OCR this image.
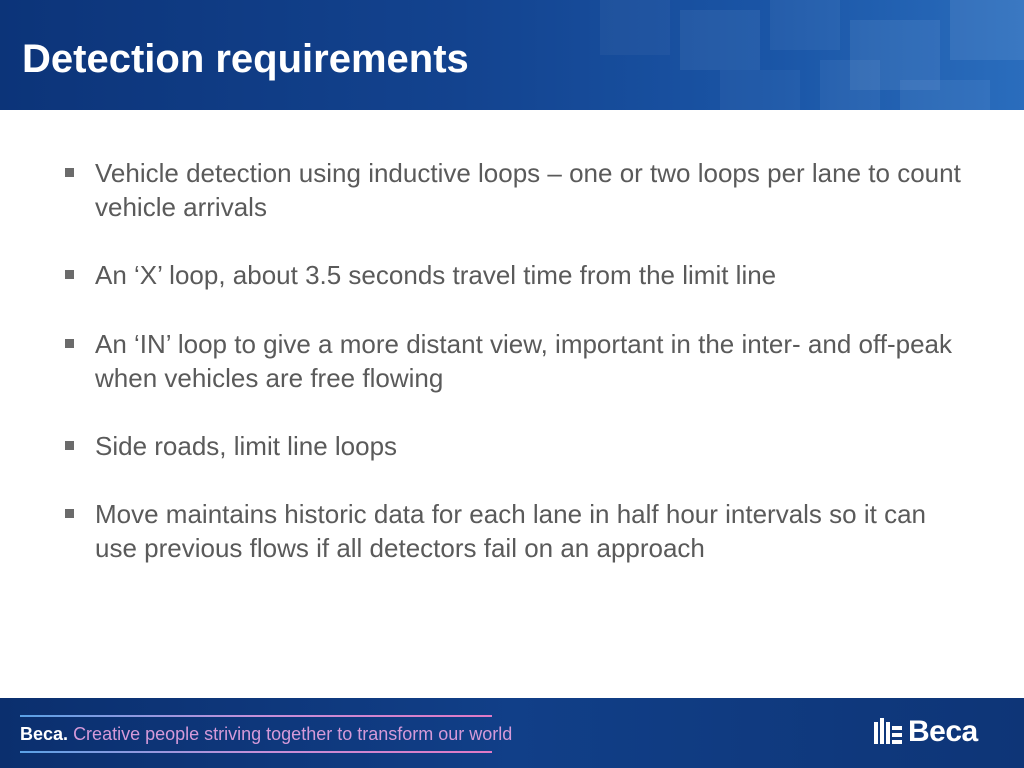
Detection requirements
Vehicle detection using inductive loops – one or two loops per lane to count vehicle arrivals
An ‘X’ loop, about 3.5 seconds travel time from the limit line
An ‘IN’ loop to give a more distant view, important in the inter- and off-peak when vehicles are free flowing
Side roads, limit line loops
Move maintains historic data for each lane in half hour intervals so it can use previous flows if all detectors fail on an approach
Beca. Creative people striving together to transform our world	Beca
